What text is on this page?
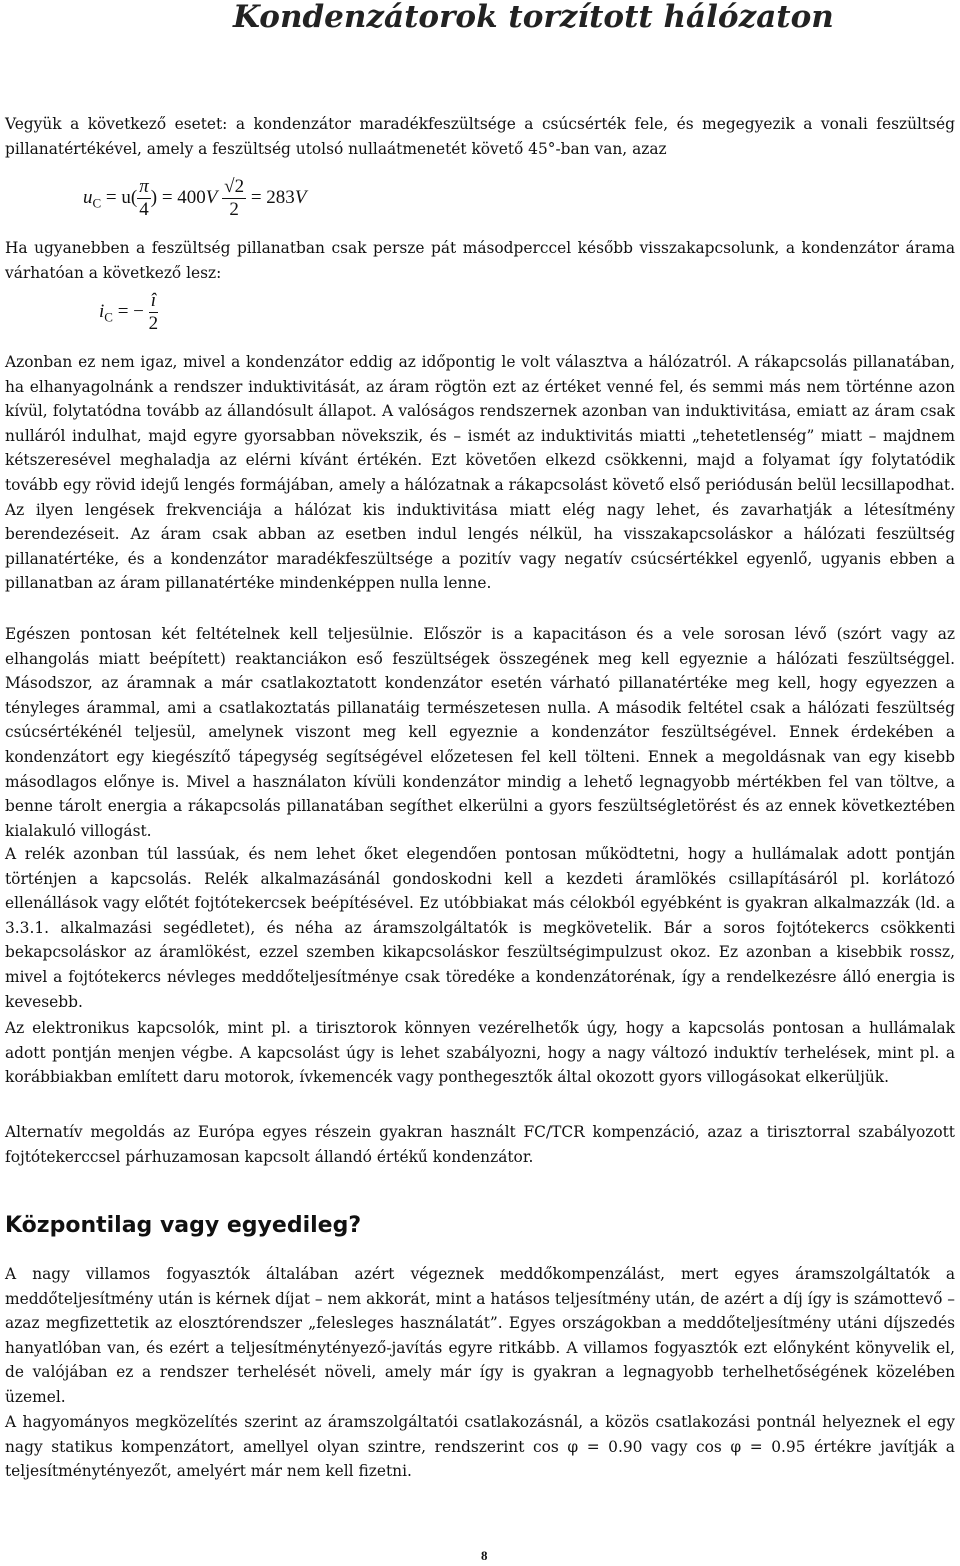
Kondenzátorok torzított hálózaton

Vegyük a következő esetet: a kondenzátor maradékfeszültsége a csúcsérték fele, és megegyezik a vonali feszültség pillanatértékével, amely a feszültség utolsó nullaátmenetét követő 45°-ban van, azaz

$u_C = u( \frac{\pi}{4}$ ) = $400V \frac{√2}{2} = 283V$

Ha ugyanebben a feszültség pillanatban csak persze pát másodperccel később visszakapcsolunk, a kondenzátor árama várhatóan a következő lesz:

$i_C$ = − $\frac{î}{2}$

Azonban ez nem igaz, mivel a kondenzátor eddig az időpontig le volt választva a hálózatról. A rákapcsolás pillanatában, ha elhanyagolnánk a rendszer induktivitását, az áram rögtön ezt az értéket venné fel, és semmi más nem történne azon kívül, folytatódna tovább az állandósult állapot. A valóságos rendszernek azonban van induktivitása, emiatt az áram csak nulláról indulhat, majd egyre gyorsabban növekszik, és – ismét az induktivitás miatti „tehetetlenség” miatt – majdnem kétszeresével meghaladja az elérni kívánt értékén. Ezt követően elkezd csökkenni, majd a folyamat így folytatódik tovább egy rövid idejű lengés formájában, amely a hálózatnak a rákapcsolást követő első periódusán belül lecsillapodhat. Az ilyen lengések frekvenciája a hálózat kis induktivitása miatt elég nagy lehet, és zavarhatják a létesítmény berendezéseit. Az áram csak abban az esetben indul lengés nélkül, ha visszakapcsoláskor a hálózati feszültség pillanatértéke, és a kondenzátor maradékfeszültsége a pozitív vagy negatív csúcsértékkel egyenlő, ugyanis ebben a pillanatban az áram pillanatértéke mindenképpen nulla lenne.

Egészen pontosan két feltételnek kell teljesülnie. Először is a kapacitáson és a vele sorosan lévő (szórt vagy az elhangolás miatt beépített) reaktanciákon eső feszültségek összegének meg kell egyeznie a hálózati feszültséggel. Másodszor, az áramnak a már csatlakoztatott kondenzátor esetén várható pillanatértéke meg kell, hogy egyezzen a tényleges árammal, ami a csatlakoztatás pillanatáig természetesen nulla. A második feltétel csak a hálózati feszültség csúcsértékénél teljesül, amelynek viszont meg kell egyeznie a kondenzátor feszültségével. Ennek érdekében a kondenzátort egy kiegészítő tápegység segítségével előzetesen fel kell tölteni. Ennek a megoldásnak van egy kisebb másodlagos előnye is. Mivel a használaton kívüli kondenzátor mindig a lehető legnagyobb mértékben fel van töltve, a benne tárolt energia a rákapcsolás pillanatában segíthet elkerülni a gyors feszültségletörést és az ennek következtében kialakuló villogást.

A relék azonban túl lassúak, és nem lehet őket elegendően pontosan működtetni, hogy a hullámalak adott pontján történjen a kapcsolás. Relék alkalmazásánál gondoskodni kell a kezdeti áramlökés csillapításáról pl. korlátozó ellenállások vagy előtét fojtótekercsek beépítésével. Ez utóbbiakat más célokból egyébként is gyakran alkalmazzák (ld. a 3.3.1. alkalmazási segédletet), és néha az áramszolgáltatók is megkövetelik. Bár a soros fojtótekercs csökkenti bekapcsoláskor az áramlökést, ezzel szemben kikapcsoláskor feszültségimpulzust okoz. Ez azonban a kisebbik rossz, mivel a fojtótekercs névleges meddőteljesítménye csak töredéke a kondenzátorénak, így a rendelkezésre álló energia is kevesebb.

Az elektronikus kapcsolók, mint pl. a tirisztorok könnyen vezérelhetők úgy, hogy a kapcsolás pontosan a hullámalak adott pontján menjen végbe. A kapcsolást úgy is lehet szabályozni, hogy a nagy változó induktív terhelések, mint pl. a korábbiakban említett daru motorok, ívkemencék vagy ponthegesztők által okozott gyors villogásokat elkerüljük.

Alternatív megoldás az Európa egyes részein gyakran használt FC/TCR kompenzáció, azaz a tirisztorral szabályozott fojtótekerccsel párhuzamosan kapcsolt állandó értékű kondenzátor.

Központilag vagy egyedileg?

A nagy villamos fogyasztók általában azért végeznek meddőkompenzálást, mert egyes áramszolgáltatók a meddőteljesítmény után is kérnek díjat – nem akkorát, mint a hatásos teljesítmény után, de azért a díj így is számottevő – azaz megfizettetik az elosztórendszer „felesleges használatát”. Egyes országokban a meddőteljesítmény utáni díjszedés hanyatlóban van, és ezért a teljesítménytényező-javítás egyre ritkább. A villamos fogyasztók ezt előnyként könyvelik el, de valójában ez a rendszer terhelését növeli, amely már így is gyakran a legnagyobb terhelhetőségének közelében üzemel.

A hagyományos megközelítés szerint az áramszolgáltatói csatlakozásnál, a közös csatlakozási pontnál helyeznek el egy nagy statikus kompenzátort, amellyel olyan szintre, rendszerint cos φ = 0.90 vagy cos φ = 0.95 értékre javítják a teljesítménytényezőt, amelyért már nem kell fizetni.

8
